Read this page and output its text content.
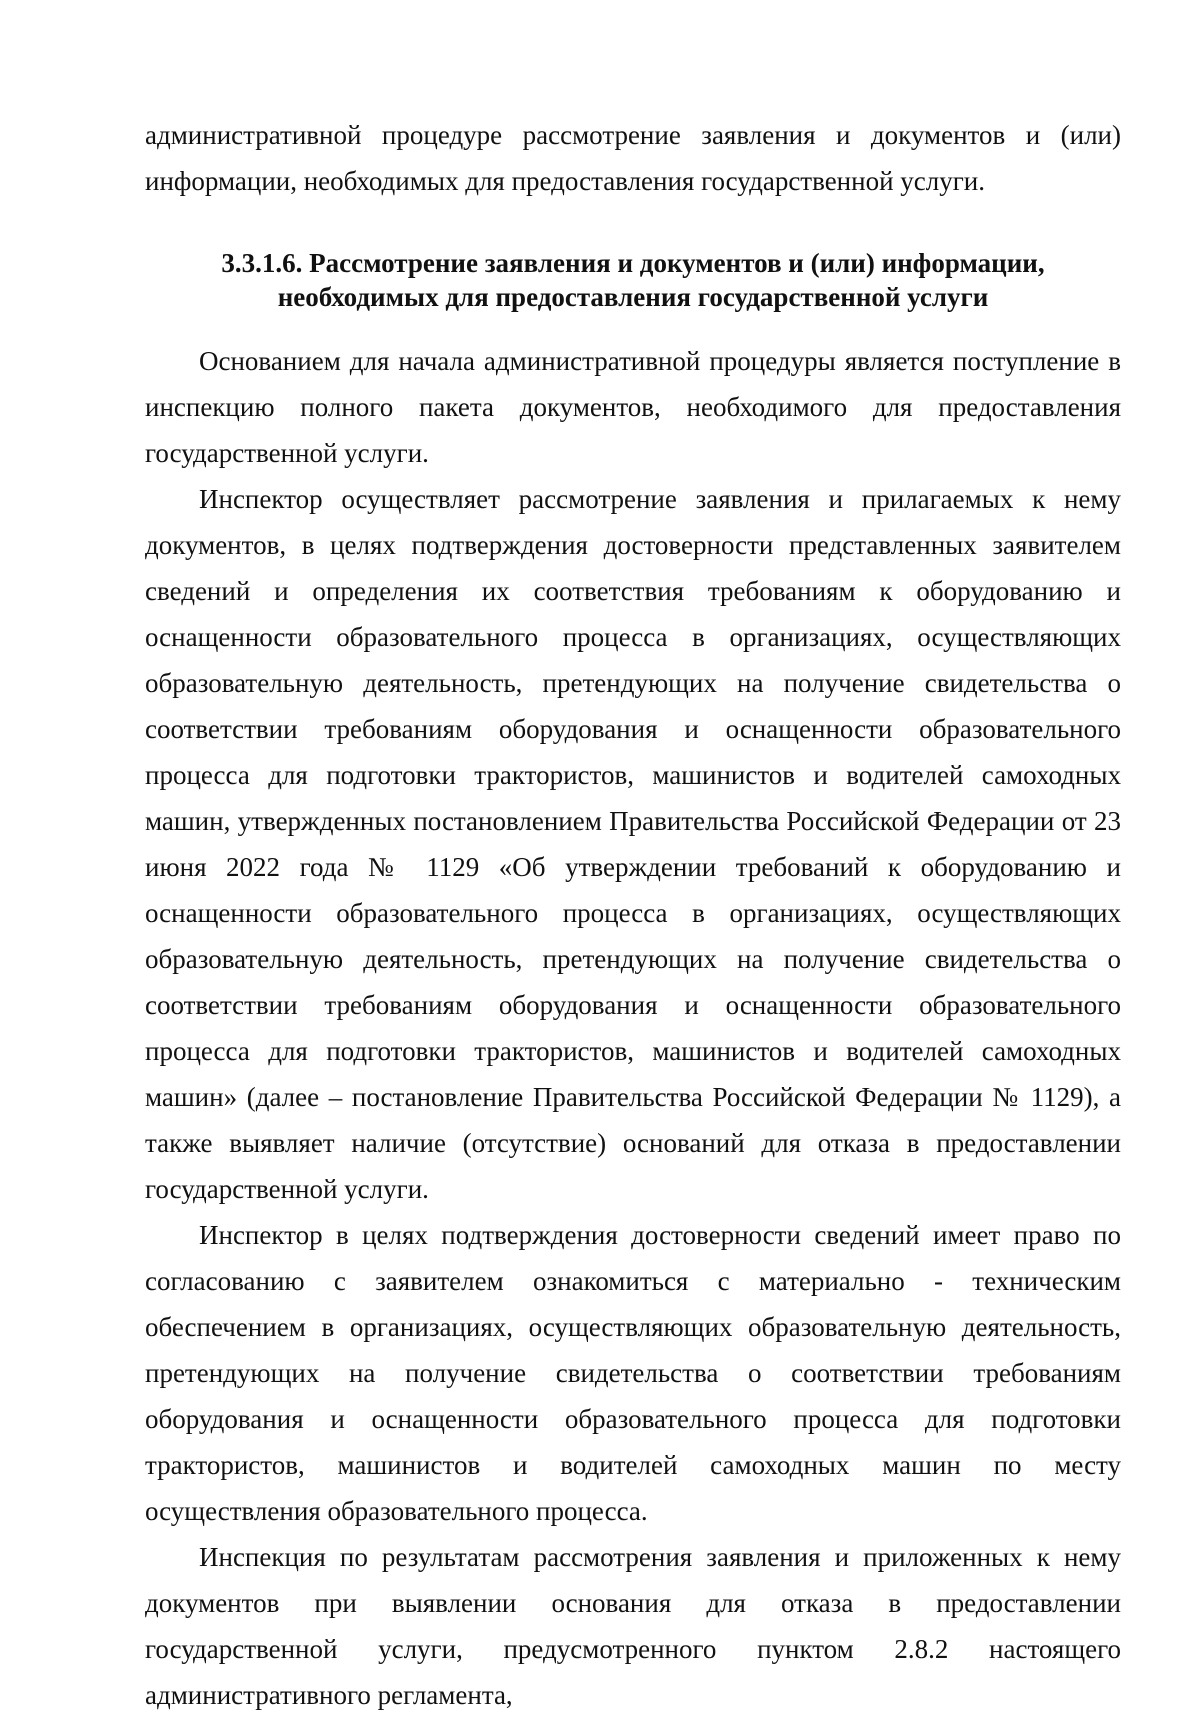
административной процедуре рассмотрение заявления и документов и (или) информации, необходимых для предоставления государственной услуги.

3.3.1.6. Рассмотрение заявления и документов и (или) информации,
необходимых для предоставления государственной услуги

Основанием для начала административной процедуры является поступление в инспекцию полного пакета документов, необходимого для предоставления государственной услуги.

Инспектор осуществляет рассмотрение заявления и прилагаемых к нему документов, в целях подтверждения достоверности представленных заявителем сведений и определения их соответствия требованиям к оборудованию и оснащенности образовательного процесса в организациях, осуществляющих образовательную деятельность, претендующих на получение свидетельства о соответствии требованиям оборудования и оснащенности образовательного процесса для подготовки трактористов, машинистов и водителей самоходных машин, утвержденных постановлением Правительства Российской Федерации от 23 июня 2022 года № 1129 «Об утверждении требований к оборудованию и оснащенности образовательного процесса в организациях, осуществляющих образовательную деятельность, претендующих на получение свидетельства о соответствии требованиям оборудования и оснащенности образовательного процесса для подготовки трактористов, машинистов и водителей самоходных машин» (далее – постановление Правительства Российской Федерации № 1129), а также выявляет наличие (отсутствие) оснований для отказа в предоставлении государственной услуги.

Инспектор в целях подтверждения достоверности сведений имеет право по согласованию с заявителем ознакомиться с материально - техническим обеспечением в организациях, осуществляющих образовательную деятельность, претендующих на получение свидетельства о соответствии требованиям оборудования и оснащенности образовательного процесса для подготовки трактористов, машинистов и водителей самоходных машин по месту осуществления образовательного процесса.

Инспекция по результатам рассмотрения заявления и приложенных к нему документов при выявлении основания для отказа в предоставлении государственной услуги, предусмотренного пунктом 2.8.2 настоящего административного регламента,
